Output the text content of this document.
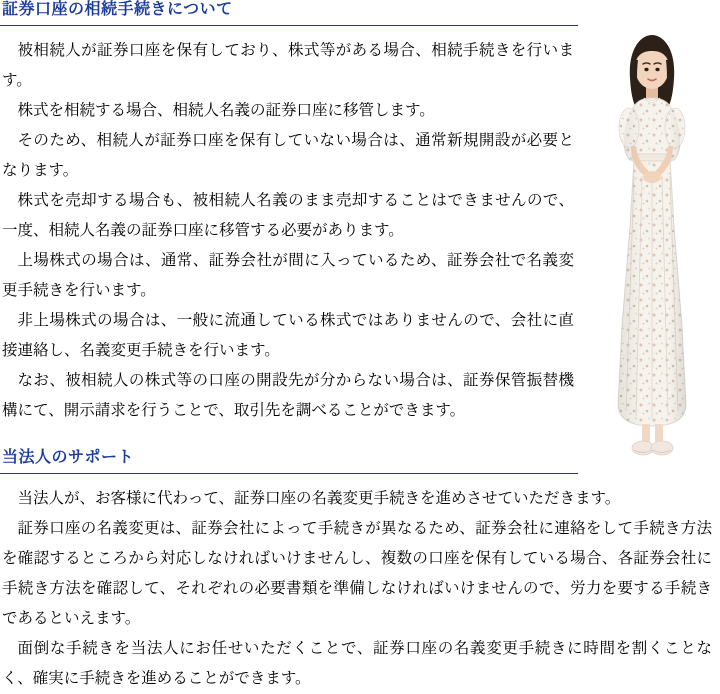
証券口座の相続手続きについて

被相続人が証券口座を保有しており、株式等がある場合、相続手続きを行います。

株式を相続する場合、相続人名義の証券口座に移管します。

そのため、相続人が証券口座を保有していない場合は、通常新規開設が必要となります。

株式を売却する場合も、被相続人名義のまま売却することはできませんので、一度、相続人名義の証券口座に移管する必要があります。

上場株式の場合は、通常、証券会社が間に入っているため、証券会社で名義変更手続きを行います。

非上場株式の場合は、一般に流通している株式ではありませんので、会社に直接連絡し、名義変更手続きを行います。

なお、被相続人の株式等の口座の開設先が分からない場合は、証券保管振替機構にて、開示請求を行うことで、取引先を調べることができます。

当法人のサポート

当法人が、お客様に代わって、証券口座の名義変更手続きを進めさせていただきます。

証券口座の名義変更は、証券会社によって手続きが異なるため、証券会社に連絡をして手続き方法を確認するところから対応しなければいけませんし、複数の口座を保有している場合、各証券会社に手続き方法を確認して、それぞれの必要書類を準備しなければいけませんので、労力を要する手続きであるといえます。

面倒な手続きを当法人にお任せいただくことで、証券口座の名義変更手続きに時間を割くことなく、確実に手続きを進めることができます。
